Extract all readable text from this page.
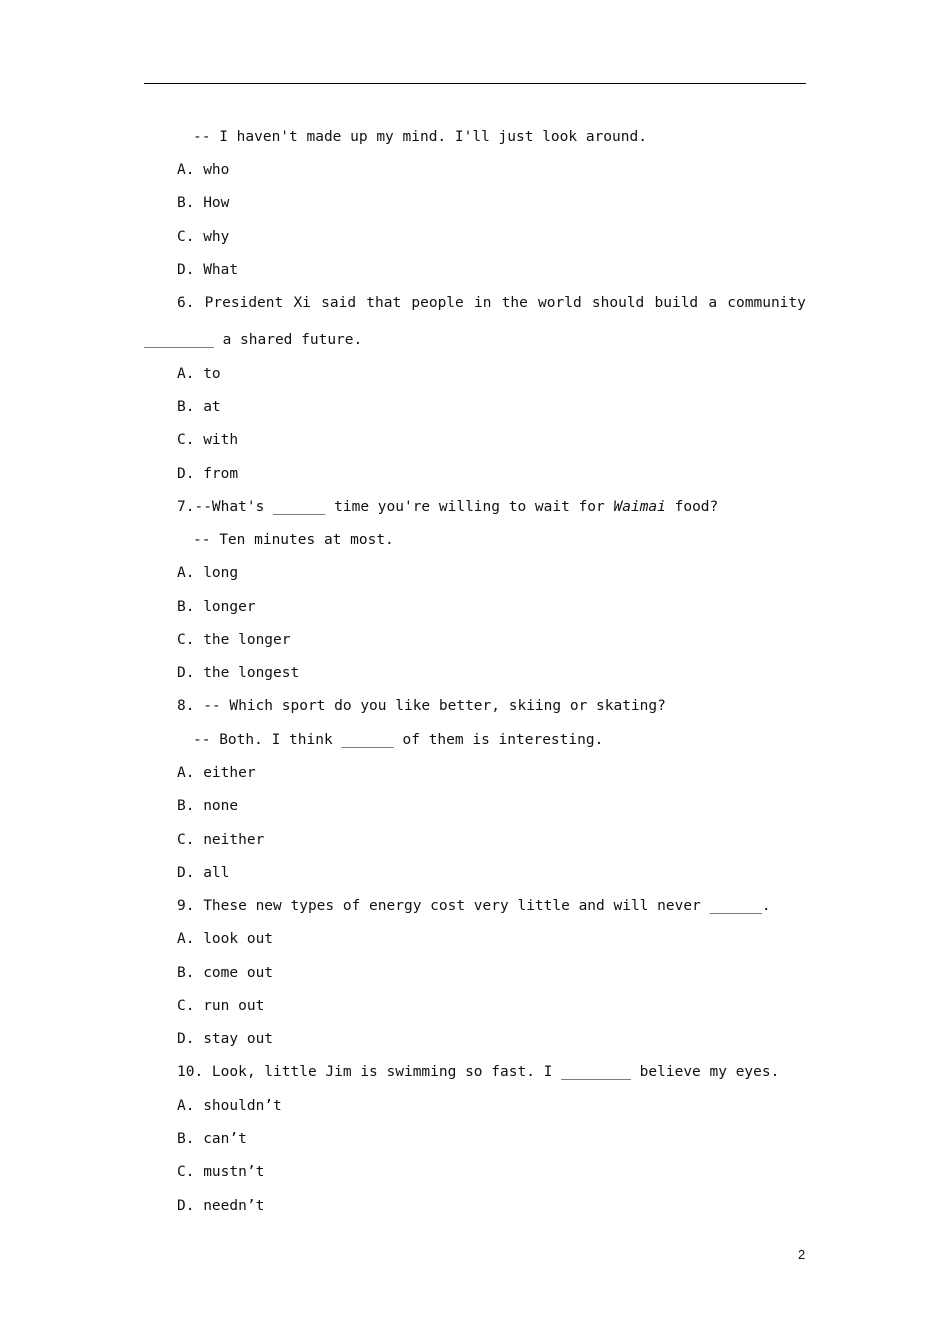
-- I haven't made up my mind. I'll just look around.
A. who
B. How
C. why
D. What
6. President Xi said that people in the world should build a community
________ a shared future.
A. to
B. at
C. with
D. from
7.--What's ______ time you're willing to wait for Waimai food?
-- Ten minutes at most.
A. long
B. longer
C. the longer
D. the longest
8. -- Which sport do you like better, skiing or skating?
-- Both. I think ______ of them is interesting.
A. either
B. none
C. neither
D. all
9. These new types of energy cost very little and will never ______.
A. look out
B. come out
C. run out
D. stay out
10. Look, little Jim is swimming so fast. I ________ believe my eyes.
A. shouldn’t
B. can’t
C. mustn’t
D. needn’t
2
